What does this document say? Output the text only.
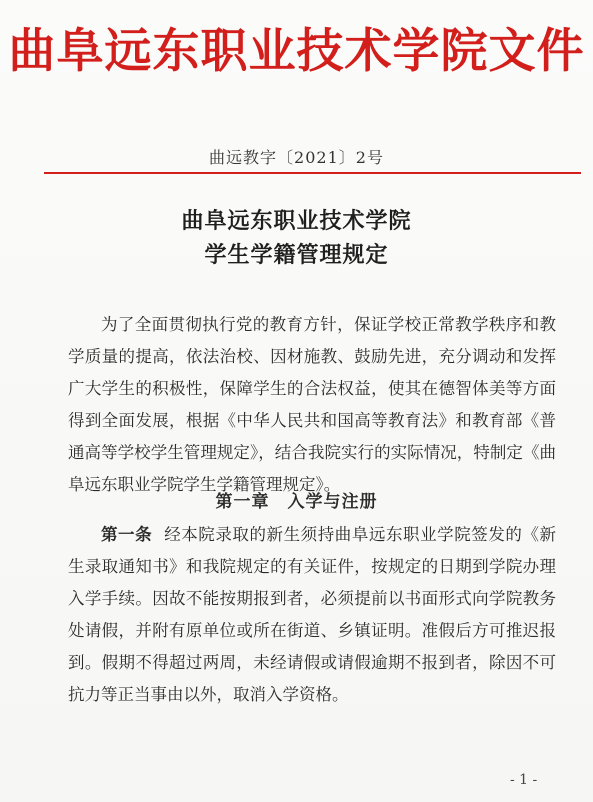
曲阜远东职业技术学院文件
曲远教字〔2021〕2号
曲阜远东职业技术学院
学生学籍管理规定
为了全面贯彻执行党的教育方针，保证学校正常教学秩序和教学质量的提高，依法治校、因材施教、鼓励先进，充分调动和发挥广大学生的积极性，保障学生的合法权益，使其在德智体美等方面得到全面发展，根据《中华人民共和国高等教育法》和教育部《普通高等学校学生管理规定》，结合我院实行的实际情况，特制定《曲阜远东职业学院学生学籍管理规定》。
第一章　入学与注册
第一条 经本院录取的新生须持曲阜远东职业学院签发的《新生录取通知书》和我院规定的有关证件，按规定的日期到学院办理入学手续。因故不能按期报到者，必须提前以书面形式向学院教务处请假，并附有原单位或所在街道、乡镇证明。准假后方可推迟报到。假期不得超过两周，未经请假或请假逾期不报到者，除因不可抗力等正当事由以外，取消入学资格。
- 1 -
